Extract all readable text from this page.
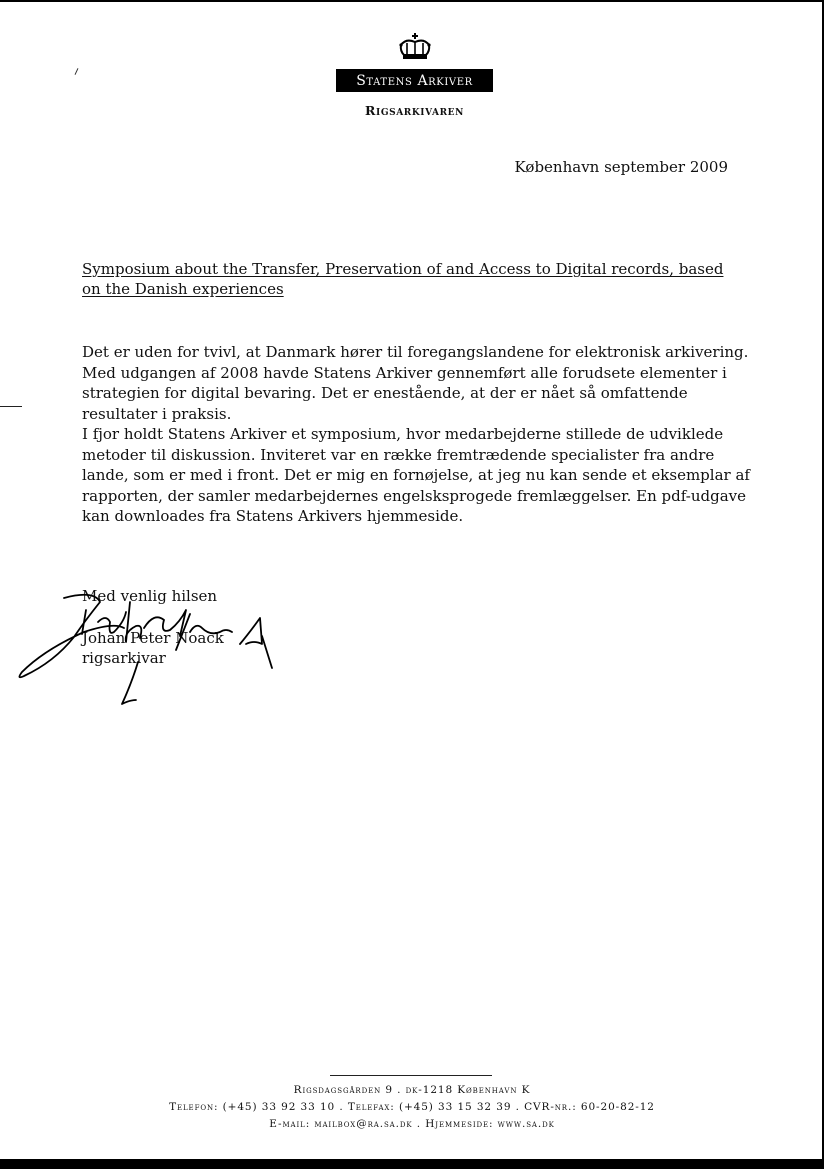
Statens Arkiver
Rigsarkivaren
København september 2009
Symposium about the Transfer, Preservation of and Access to Digital records, based on the Danish experiences

Det er uden for tvivl, at Danmark hører til foregangslandene for elektronisk arkivering. Med udgangen af 2008 havde Statens Arkiver gennemført alle forudsete elementer i strategien for digital bevaring. Det er enestående, at der er nået så omfattende resultater i praksis.

I fjor holdt Statens Arkiver et symposium, hvor medarbejderne stillede de udviklede metoder til diskussion. Inviteret var en række fremtrædende specialister fra andre lande, som er med i front. Det er mig en fornøjelse, at jeg nu kan sende et eksemplar af rapporten, der samler medarbejdernes engelsksprogede fremlæggelser. En pdf-udgave kan downloades fra Statens Arkivers hjemmeside.

Med venlig hilsen
Johan Peter Noack
rigsarkivar
Rigsdagsgården 9 . dk-1218 København K
Telefon: (+45) 33 92 33 10 . Telefax: (+45) 33 15 32 39 . CVR-nr.: 60-20-82-12
E-mail: mailbox@ra.sa.dk . Hjemmeside: www.sa.dk
